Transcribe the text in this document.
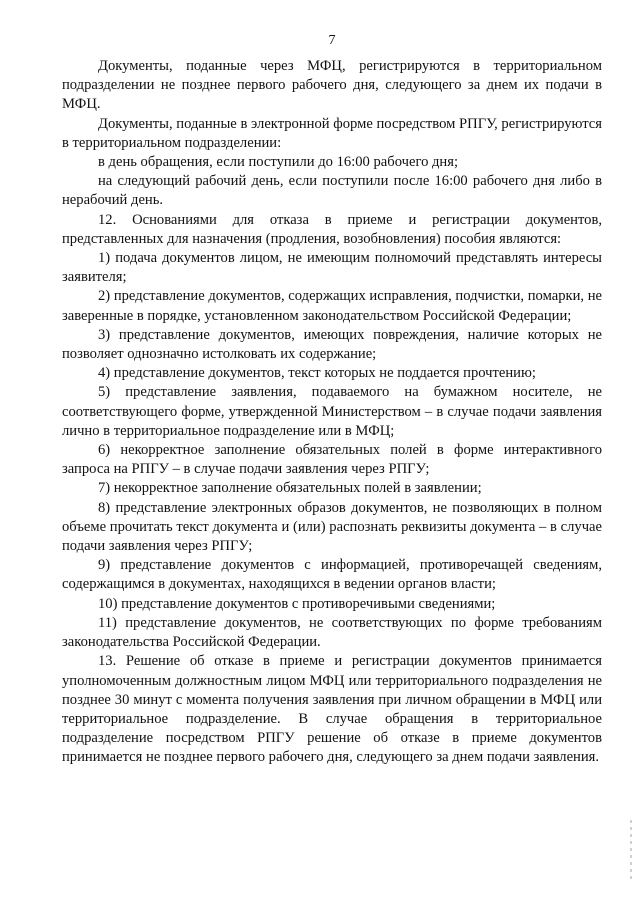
7

Документы, поданные через МФЦ, регистрируются в территориальном подразделении не позднее первого рабочего дня, следующего за днем их подачи в МФЦ.

Документы, поданные в электронной форме посредством РПГУ, регистрируются в территориальном подразделении:

в день обращения, если поступили до 16:00 рабочего дня;

на следующий рабочий день, если поступили после 16:00 рабочего дня либо в нерабочий день.

12. Основаниями для отказа в приеме и регистрации документов, представленных для назначения (продления, возобновления) пособия являются:

1) подача документов лицом, не имеющим полномочий представлять интересы заявителя;

2) представление документов, содержащих исправления, подчистки, помарки, не заверенные в порядке, установленном законодательством Российской Федерации;

3) представление документов, имеющих повреждения, наличие которых не позволяет однозначно истолковать их содержание;

4) представление документов, текст которых не поддается прочтению;

5) представление заявления, подаваемого на бумажном носителе, не соответствующего форме, утвержденной Министерством – в случае подачи заявления лично в территориальное подразделение или в МФЦ;

6) некорректное заполнение обязательных полей в форме интерактивного запроса на РПГУ – в случае подачи заявления через РПГУ;

7) некорректное заполнение обязательных полей в заявлении;

8) представление электронных образов документов, не позволяющих в полном объеме прочитать текст документа и (или) распознать реквизиты документа – в случае подачи заявления через РПГУ;

9) представление документов с информацией, противоречащей сведениям, содержащимся в документах, находящихся в ведении органов власти;

10) представление документов с противоречивыми сведениями;

11) представление документов, не соответствующих по форме требованиям законодательства Российской Федерации.

13. Решение об отказе в приеме и регистрации документов принимается уполномоченным должностным лицом МФЦ или территориального подразделения не позднее 30 минут с момента получения заявления при личном обращении в МФЦ или территориальное подразделение. В случае обращения в территориальное подразделение посредством РПГУ решение об отказе в приеме документов принимается не позднее первого рабочего дня, следующего за днем подачи заявления.
